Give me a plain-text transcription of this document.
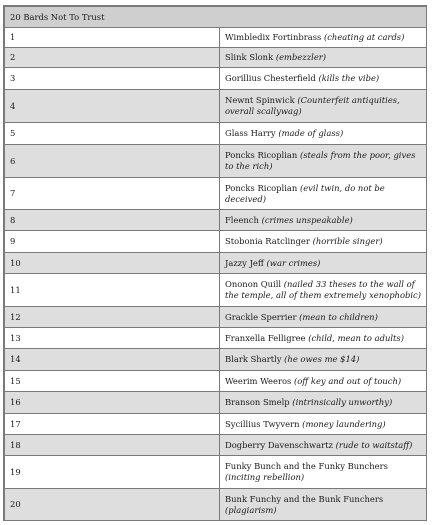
20 Bards Not To Trust	
1	Wimbledix Fortinbrass (cheating at cards)
2	Slink Slonk (embezzler)
3	Gorillius Chesterfield (kills the vibe)
4	Newnt Spinwick (Counterfeit antiquities, overall scallywag)
5	Glass Harry (made of glass)
6	Poncks Ricoplian (steals from the poor, gives to the rich)
7	Poncks Ricoplian (evil twin, do not be deceived)
8	Fleench (crimes unspeakable)
9	Stobonia Ratclinger (horrible singer)
10	Jazzy Jeff (war crimes)
11	Ononon Quill (nailed 33 theses to the wall of the temple, all of them extremely xenophobic)
12	Grackle Sperrier (mean to children)
13	Franxella Felligree (child, mean to adults)
14	Blark Shartly (he owes me $14)
15	Weerim Weeros (off key and out of touch)
16	Branson Smelp (intrinsically unworthy)
17	Sycillius Twyvern (money laundering)
18	Dogberry Davenschwartz (rude to waitstaff)
19	Funky Bunch and the Funky Bunchers (inciting rebellion)
20	Bunk Funchy and the Bunk Funchers (plagiarism)
